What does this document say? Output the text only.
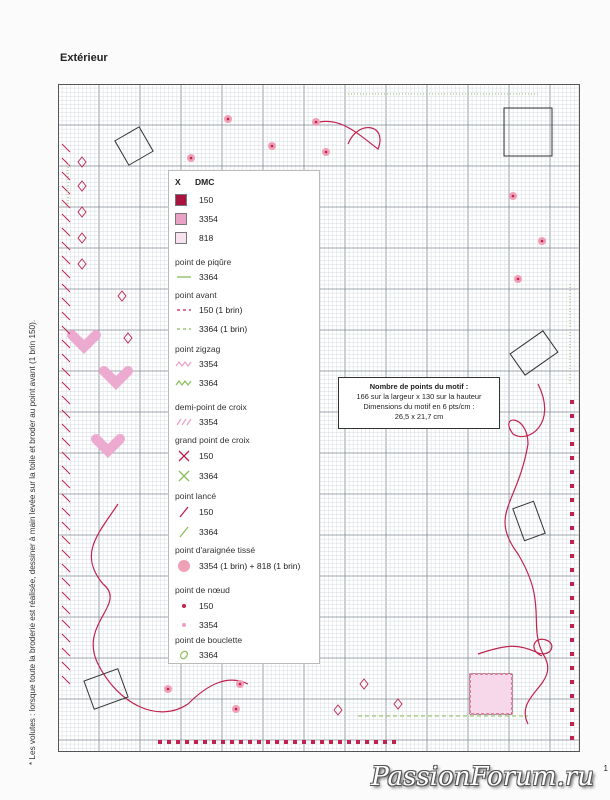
Extérieur
* Les volutes : lorsque toute la broderie est réalisée, dessiner à main levée sur la toile et broder au point avant (1 brin 150).
X DMC
150
3354
818
point de piqûre
3364
point avant
150 (1 brin)
3364 (1 brin)
point zigzag
3354
3364
demi-point de croix
3354
grand point de croix
150
3364
point lancé
150
3364
point d'araignée tissé
3354 (1 brin) + 818 (1 brin)
point de nœud
150
3354
point de bouclette
3364
Nombre de points du motif :
166 sur la largeur x 130 sur la hauteur
Dimensions du motif en 6 pts/cm :
26,5 x 21,7 cm
PassionForum.ru 1
